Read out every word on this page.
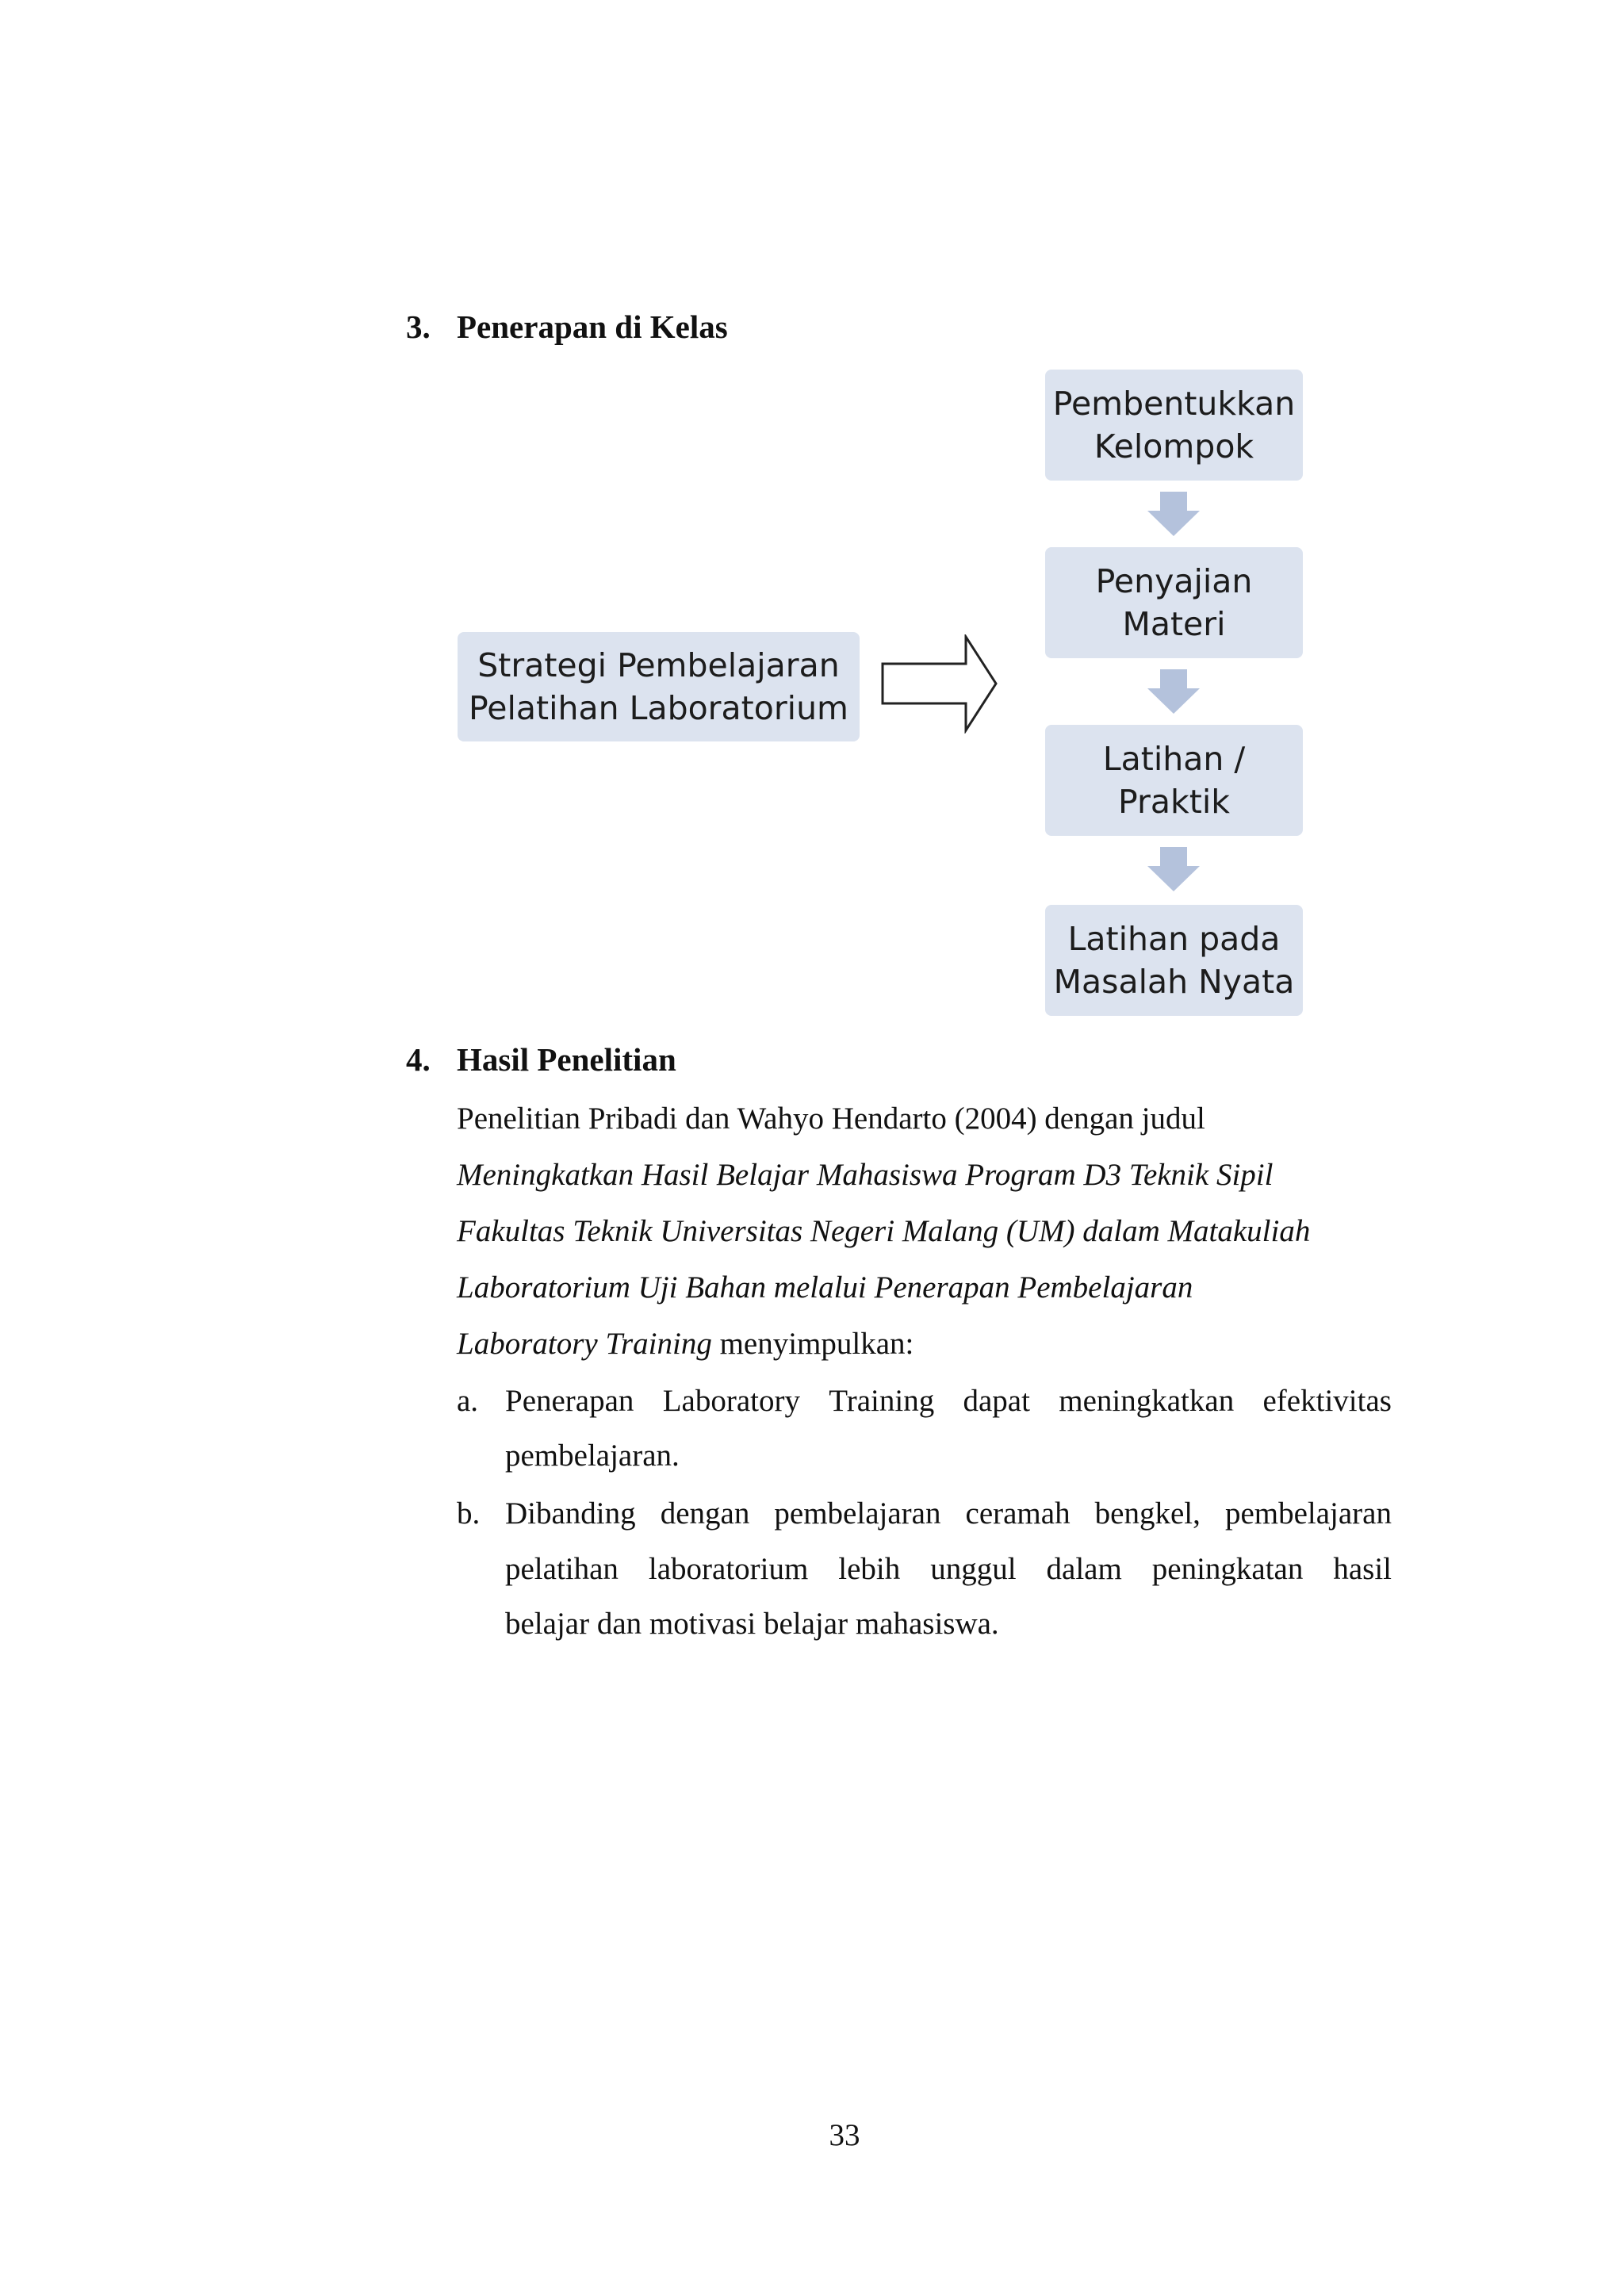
3. Penerapan di Kelas
Strategi Pembelajaran
Pelatihan Laboratorium
Pembentukkan
Kelompok
Penyajian
Materi
Latihan /
Praktik
Latihan pada
Masalah Nyata
4. Hasil Penelitian
Penelitian Pribadi dan Wahyo Hendarto (2004) dengan judul
Meningkatkan Hasil Belajar Mahasiswa Program D3 Teknik Sipil
Fakultas Teknik Universitas Negeri Malang (UM) dalam Matakuliah
Laboratorium Uji Bahan melalui Penerapan Pembelajaran
Laboratory Training menyimpulkan:
a. Penerapan Laboratory Training dapat meningkatkan efektivitas
pembelajaran.
b. Dibanding dengan pembelajaran ceramah bengkel, pembelajaran
pelatihan laboratorium lebih unggul dalam peningkatan hasil
belajar dan motivasi belajar mahasiswa.
33
